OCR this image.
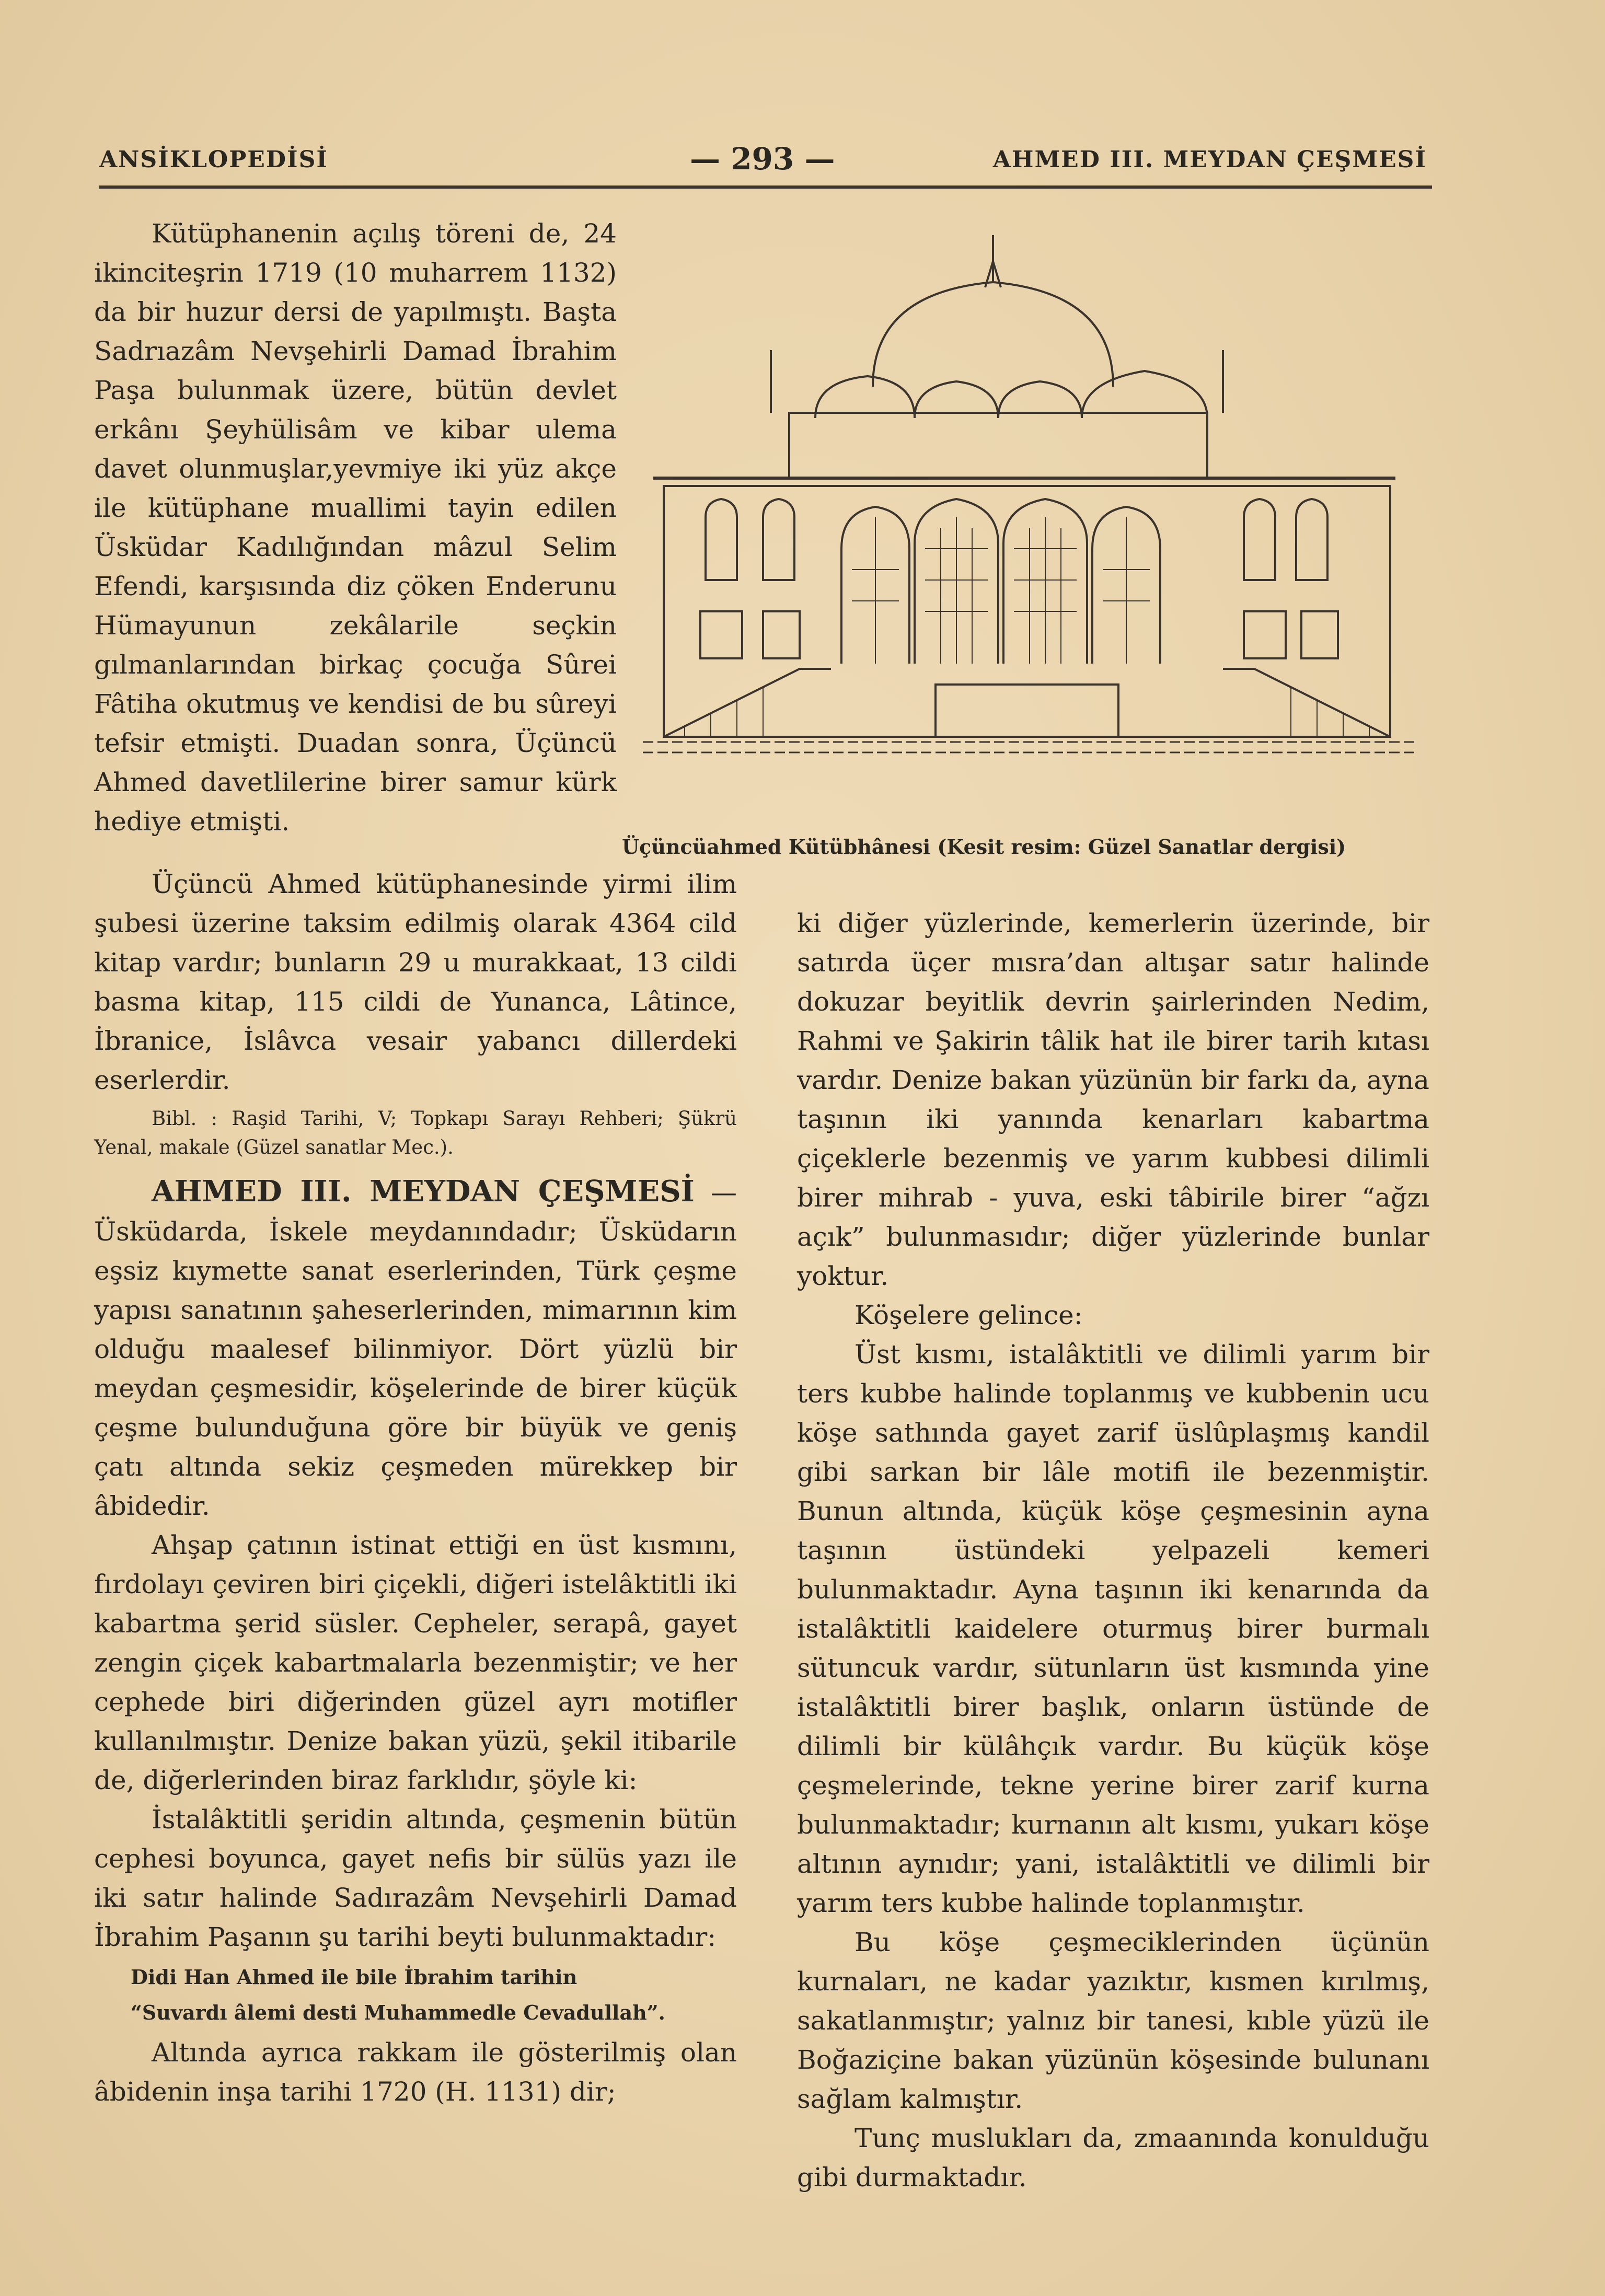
ANSİKLOPEDİSİ	— 293 —	AHMED III. MEYDAN ÇEŞMESİ

Kütüphanenin açılış töreni de, 24 ikinciteşrin 1719 (10 muharrem 1132) da bir huzur dersi de yapılmıştı. Başta Sadrıazâm Nevşehirli Damad İbrahim Paşa bulunmak üzere, bütün devlet erkânı Şeyhülisâm ve kibar ulema davet olunmuşlar,yevmiye iki yüz akçe ile kütüphane muallimi tayin edilen Üsküdar Kadılığından mâzul Selim Efendi, karşısında diz çöken Enderunu Hümayunun zekâlarile seçkin gılmanlarından birkaç çocuğa Sûrei Fâtiha okutmuş ve kendisi de bu sûreyi tefsir etmişti. Duadan sonra, Üçüncü Ahmed davetlilerine birer samur kürk hediye etmişti.

Üçüncüahmed Kütübhânesi (Kesit resim: Güzel Sanatlar dergisi)

Üçüncü Ahmed kütüphanesinde yirmi ilim şubesi üzerine taksim edilmiş olarak 4364 cild kitap vardır; bunların 29 u murakkaat, 13 cildi basma kitap, 115 cildi de Yunanca, Lâtince, İbranice, İslâvca vesair yabancı dillerdeki eserlerdir.

Bibl. : Raşid Tarihi, V; Topkapı Sarayı Rehberi; Şükrü Yenal, makale (Güzel sanatlar Mec.).

AHMED III. MEYDAN ÇEŞMESİ — Üsküdarda, İskele meydanındadır; Üsküdarın eşsiz kıymette sanat eserlerinden, Türk çeşme yapısı sanatının şaheserlerinden, mimarının kim olduğu maalesef bilinmiyor. Dört yüzlü bir meydan çeşmesidir, köşelerinde de birer küçük çeşme bulunduğuna göre bir büyük ve geniş çatı altında sekiz çeşmeden mürekkep bir âbidedir.

Ahşap çatının istinat ettiği en üst kısmını, fırdolayı çeviren biri çiçekli, diğeri istelâktitli iki kabartma şerid süsler. Cepheler, serapâ, gayet zengin çiçek kabartmalarla bezenmiştir; ve her cephede biri diğerinden güzel ayrı motifler kullanılmıştır. Denize bakan yüzü, şekil itibarile de, diğerlerinden biraz farklıdır, şöyle ki:

İstalâktitli şeridin altında, çeşmenin bütün cephesi boyunca, gayet nefis bir sülüs yazı ile iki satır halinde Sadırazâm Nevşehirli Damad İbrahim Paşanın şu tarihi beyti bulunmaktadır:

Didi Han Ahmed ile bile İbrahim tarihin

“Suvardı âlemi desti Muhammedle Cevadullah”.

Altında ayrıca rakkam ile gösterilmiş olan âbidenin inşa tarihi 1720 (H. 1131) dir;

ki diğer yüzlerinde, kemerlerin üzerinde, bir satırda üçer mısra’dan altışar satır halinde dokuzar beyitlik devrin şairlerinden Nedim, Rahmi ve Şakirin tâlik hat ile birer tarih kıtası vardır. Denize bakan yüzünün bir farkı da, ayna taşının iki yanında kenarları kabartma çiçeklerle bezenmiş ve yarım kubbesi dilimli birer mihrab - yuva, eski tâbirile birer “ağzı açık” bulunmasıdır; diğer yüzlerinde bunlar yoktur.

Köşelere gelince:

Üst kısmı, istalâktitli ve dilimli yarım bir ters kubbe halinde toplanmış ve kubbenin ucu köşe sathında gayet zarif üslûplaşmış kandil gibi sarkan bir lâle motifi ile bezenmiştir. Bunun altında, küçük köşe çeşmesinin ayna taşının üstündeki yelpazeli kemeri bulunmaktadır. Ayna taşının iki kenarında da istalâktitli kaidelere oturmuş birer burmalı sütuncuk vardır, sütunların üst kısmında yine istalâktitli birer başlık, onların üstünde de dilimli bir külâhçık vardır. Bu küçük köşe çeşmelerinde, tekne yerine birer zarif kurna bulunmaktadır; kurnanın alt kısmı, yukarı köşe altının aynıdır; yani, istalâktitli ve dilimli bir yarım ters kubbe halinde toplanmıştır.

Bu köşe çeşmeciklerinden üçünün kurnaları, ne kadar yazıktır, kısmen kırılmış, sakatlanmıştır; yalnız bir tanesi, kıble yüzü ile Boğaziçine bakan yüzünün köşesinde bulunanı sağlam kalmıştır.

Tunç muslukları da, zmaanında konulduğu gibi durmaktadır.
